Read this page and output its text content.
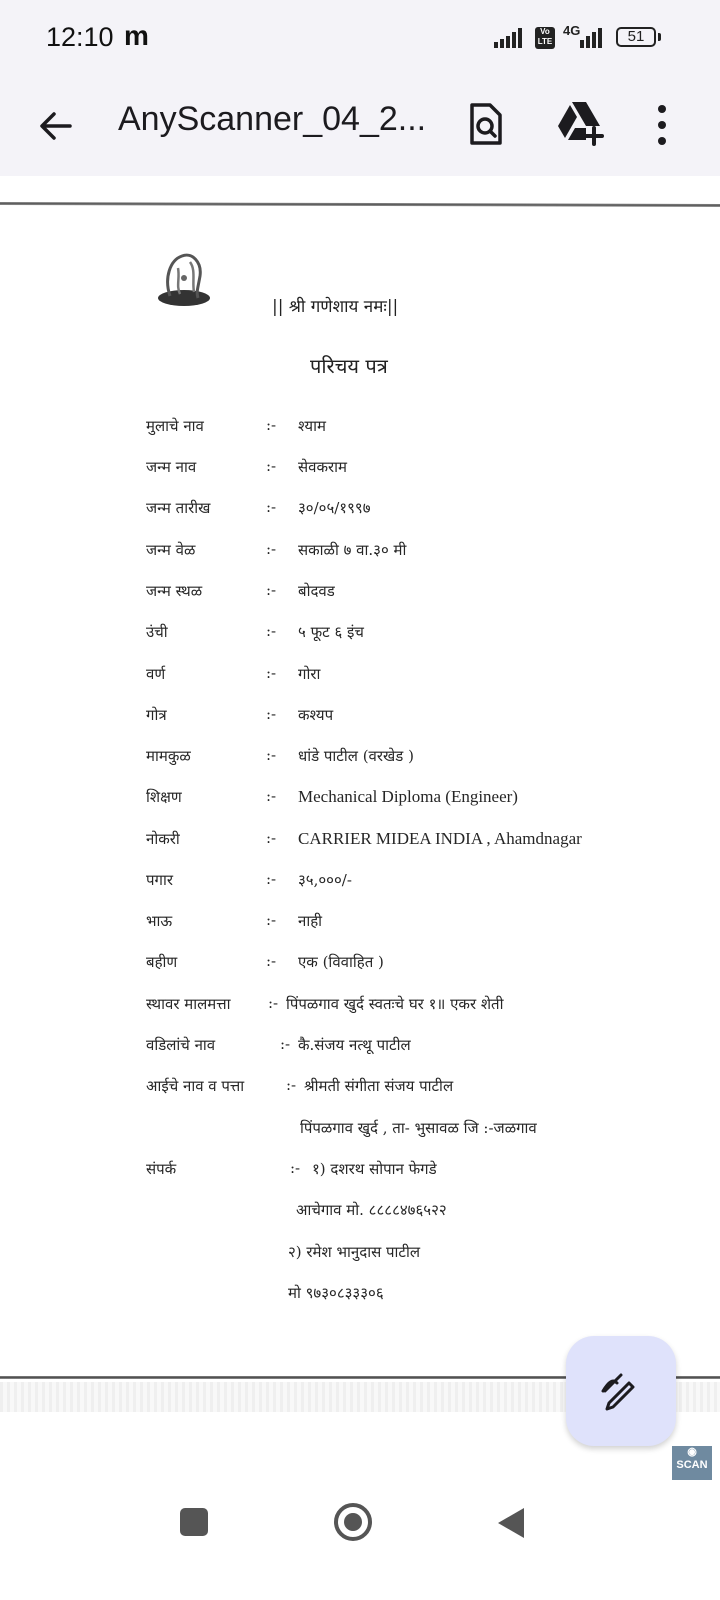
12:10 m	Vo LTE
4G	51
AnyScanner_04_2...
|| श्री गणेशाय नमः||
परिचय पत्र
मुलाचे नाव	:- श्याम
जन्म नाव	:- सेवकराम
जन्म तारीख	:- ३०/०५/१९९७
जन्म वेळ	:- सकाळी ७ वा.३० मी
जन्म स्थळ	:- बोदवड
उंची	:- ५ फूट ६ इंच
वर्ण	:- गोरा
गोत्र	:- कश्यप
मामकुळ	:- धांडे पाटील (वरखेड )
शिक्षण	:- Mechanical Diploma (Engineer)
नोकरी	:- CARRIER MIDEA INDIA , Ahamdnagar
पगार	:- ३५,०००/-
भाऊ	:- नाही
बहीण	:- एक (विवाहित )
स्थावर मालमत्ता	:- पिंपळगाव खुर्द स्वतःचे घर १॥ एकर शेती
वडिलांचे नाव	:- कै.संजय नत्थू पाटील
आईचे नाव व पत्ता	:- श्रीमती संगीता संजय पाटील
पिंपळगाव खुर्द , ता- भुसावळ जि :-जळगाव
संपर्क	:- १) दशरथ सोपान फेगडे
आचेगाव मो. ८८८८४७६५२२
२) रमेश भानुदास पाटील
मो ९७३०८३३३०६
◉
SCAN
